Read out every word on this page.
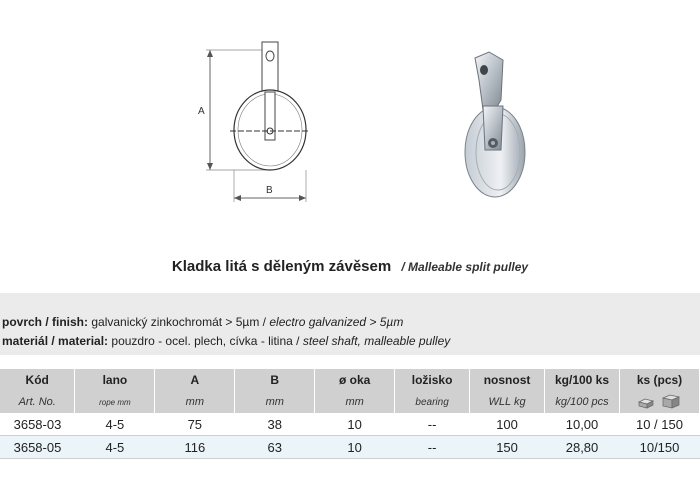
A
B
Kladka litá s děleným závěsem / Malleable split pulley
povrch / finish: galvanický zinkochromát > 5µm / electro galvanized > 5µm
materiál / material: pouzdro - ocel. plech, cívka - litina / steel shaft, malleable pulley
Kód	lano	A	B	ø oka	ložisko	nosnost	kg/100 ks	ks (pcs)
Art. No.	rope mm	mm	mm	mm	bearing	WLL kg	kg/100 pcs	

3658-03	4-5	75	38	10	--	100	10,00	10 / 150
3658-05	4-5	116	63	10	--	150	28,80	10/150
